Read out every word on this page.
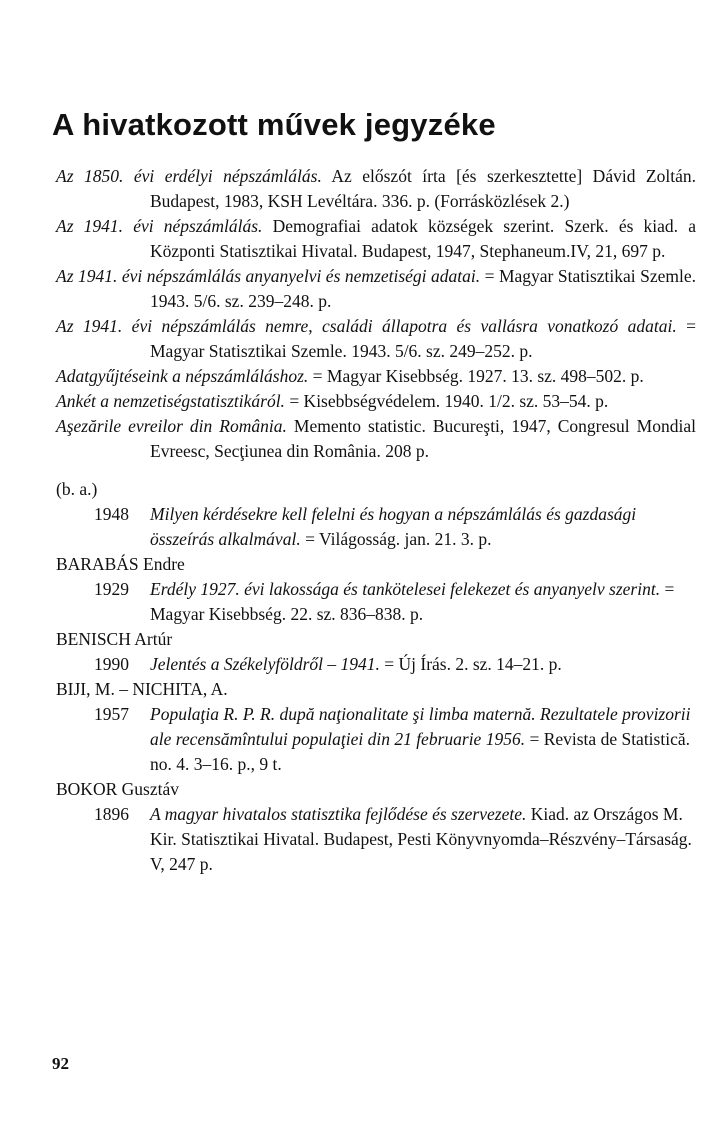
A hivatkozott művek jegyzéke
Az 1850. évi erdélyi népszámlálás. Az előszót írta [és szerkesztette] Dávid Zoltán. Budapest, 1983, KSH Levéltára. 336. p. (Forrásközlések 2.)
Az 1941. évi népszámlálás. Demografiai adatok községek szerint. Szerk. és kiad. a Központi Statisztikai Hivatal. Budapest, 1947, Stephaneum.IV, 21, 697 p.
Az 1941. évi népszámlálás anyanyelvi és nemzetiségi adatai. = Magyar Statisztikai Szemle. 1943. 5/6. sz. 239–248. p.
Az 1941. évi népszámlálás nemre, családi állapotra és vallásra vonatkozó adatai. = Magyar Statisztikai Szemle. 1943. 5/6. sz. 249–252. p.
Adatgyűjtéseink a népszámláláshoz. = Magyar Kisebbség. 1927. 13. sz. 498–502. p.
Ankét a nemzetiségstatisztikáról. = Kisebbségvédelem. 1940. 1/2. sz. 53–54. p.
Aşezările evreilor din România. Memento statistic. Bucureşti, 1947, Congresul Mondial Evreesc, Secţiunea din România. 208 p.
(b. a.)
1948	Milyen kérdésekre kell felelni és hogyan a népszámlálás és gazdasági összeírás alkalmával. = Világosság. jan. 21. 3. p.
BARABÁS Endre
1929	Erdély 1927. évi lakossága és tankötelesei felekezet és anyanyelv szerint. = Magyar Kisebbség. 22. sz. 836–838. p.
BENISCH Artúr
1990	Jelentés a Székelyföldről – 1941. = Új Írás. 2. sz. 14–21. p.
BIJI, M. – NICHITA, A.
1957	Populaţia R. P. R. după naţionalitate şi limba maternă. Rezultatele provizorii ale recensămîntului populaţiei din 21 februarie 1956. = Revista de Statistică. no. 4. 3–16. p., 9 t.
BOKOR Gusztáv
1896	A magyar hivatalos statisztika fejlődése és szervezete. Kiad. az Országos M. Kir. Statisztikai Hivatal. Budapest, Pesti Könyvnyomda–Részvény–Társaság. V, 247 p.
92
